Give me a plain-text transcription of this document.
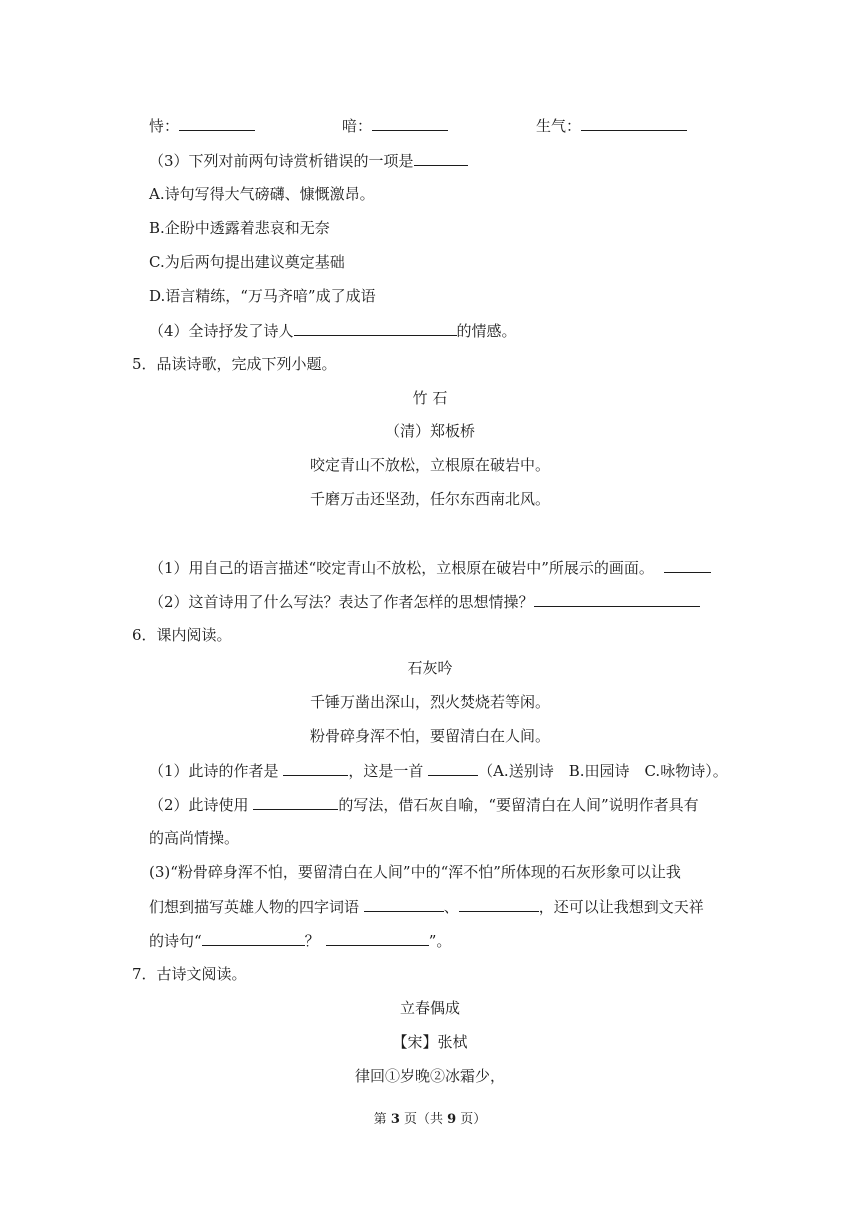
恃：	喑：	生气：
（3）下列对前两句诗赏析错误的一项是
A.诗句写得大气磅礴、慷慨激昂。
B.企盼中透露着悲哀和无奈
C.为后两句提出建议奠定基础
D.语言精练，“万马齐喑”成了成语
（4）全诗抒发了诗人	的情感。
5．品读诗歌，完成下列小题。
竹 石
（清）郑板桥
咬定青山不放松，立根原在破岩中。
千磨万击还坚劲，任尔东西南北风。
（1）用自己的语言描述“咬定青山不放松，立根原在破岩中”所展示的画面。
（2）这首诗用了什么写法？表达了作者怎样的思想情操？
6．课内阅读。
石灰吟
千锤万凿出深山，烈火焚烧若等闲。
粉骨碎身浑不怕，要留清白在人间。
（1）此诗的作者是	，这是一首	（A.送别诗　B.田园诗　C.咏物诗）。
（2）此诗使用	的写法，借石灰自喻，“要留清白在人间”说明作者具有
的高尚情操。
(3)“粉骨碎身浑不怕，要留清白在人间”中的“浑不怕”所体现的石灰形象可以让我
们想到描写英雄人物的四字词语	、	，还可以让我想到文天祥
的诗句“	？	”。
7．古诗文阅读。
立春偶成
【宋】张栻
律回①岁晚②冰霜少，
第 3 页（共 9 页）
